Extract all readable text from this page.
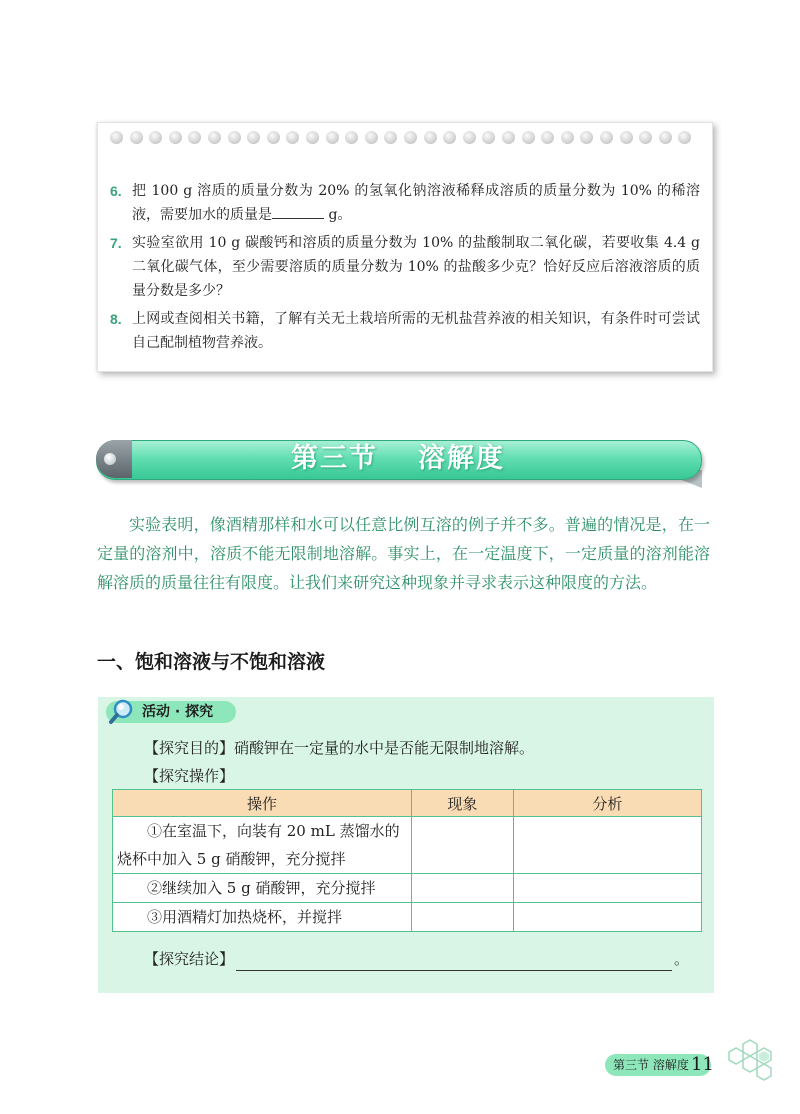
6. 把 100 g 溶质的质量分数为 20% 的氢氧化钠溶液稀释成溶质的质量分数为 10% 的稀溶液，需要加水的质量是	g。
7. 实验室欲用 10 g 碳酸钙和溶质的质量分数为 10% 的盐酸制取二氧化碳，若要收集 4.4 g 二氧化碳气体，至少需要溶质的质量分数为 10% 的盐酸多少克？恰好反应后溶液溶质的质量分数是多少？
8. 上网或查阅相关书籍，了解有关无土栽培所需的无机盐营养液的相关知识，有条件时可尝试自己配制植物营养液。
第三节 溶解度

实验表明，像酒精那样和水可以任意比例互溶的例子并不多。普遍的情况是，在一定量的溶剂中，溶质不能无限制地溶解。事实上，在一定温度下，一定质量的溶剂能溶解溶质的质量往往有限度。让我们来研究这种现象并寻求表示这种限度的方法。

一、饱和溶液与不饱和溶液
活动 · 探究
【探究目的】硝酸钾在一定量的水中是否能无限制地溶解。
【探究操作】
操作	现象	分析
①在室温下，向装有 20 mL 蒸馏水的烧杯中加入 5 g 硝酸钾，充分搅拌		
②继续加入 5 g 硝酸钾，充分搅拌		
③用酒精灯加热烧杯，并搅拌		
【探究结论】	。
第三节 溶解度 11
